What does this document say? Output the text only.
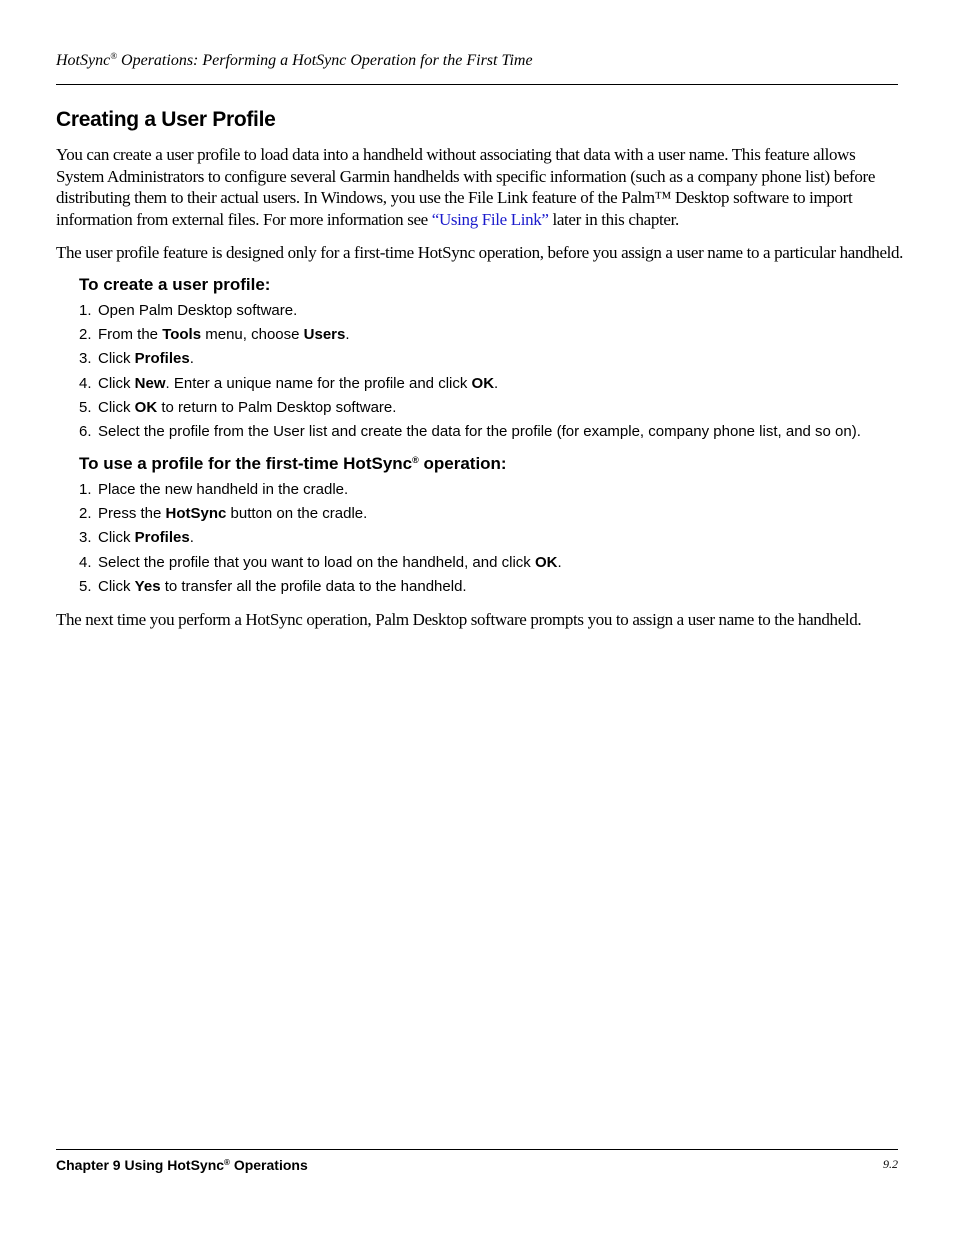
HotSync® Operations: Performing a HotSync Operation for the First Time
Creating a User Profile

You can create a user profile to load data into a handheld without associating that data with a user name. This feature allows System Administrators to configure several Garmin handhelds with specific information (such as a company phone list) before distributing them to their actual users. In Windows, you use the File Link feature of the Palm™ Desktop software to import information from external files. For more information see “Using File Link” later in this chapter.

The user profile feature is designed only for a first-time HotSync operation, before you assign a user name to a particular handheld.

To create a user profile:
1. Open Palm Desktop software.
2. From the Tools menu, choose Users.
3. Click Profiles.
4. Click New. Enter a unique name for the profile and click OK.
5. Click OK to return to Palm Desktop software.
6. Select the profile from the User list and create the data for the profile (for example, company phone list, and so on).
To use a profile for the first-time HotSync® operation:
1. Place the new handheld in the cradle.
2. Press the HotSync button on the cradle.
3. Click Profiles.
4. Select the profile that you want to load on the handheld, and click OK.
5. Click Yes to transfer all the profile data to the handheld.

The next time you perform a HotSync operation, Palm Desktop software prompts you to assign a user name to the handheld.

Chapter 9 Using HotSync® Operations	9.2
